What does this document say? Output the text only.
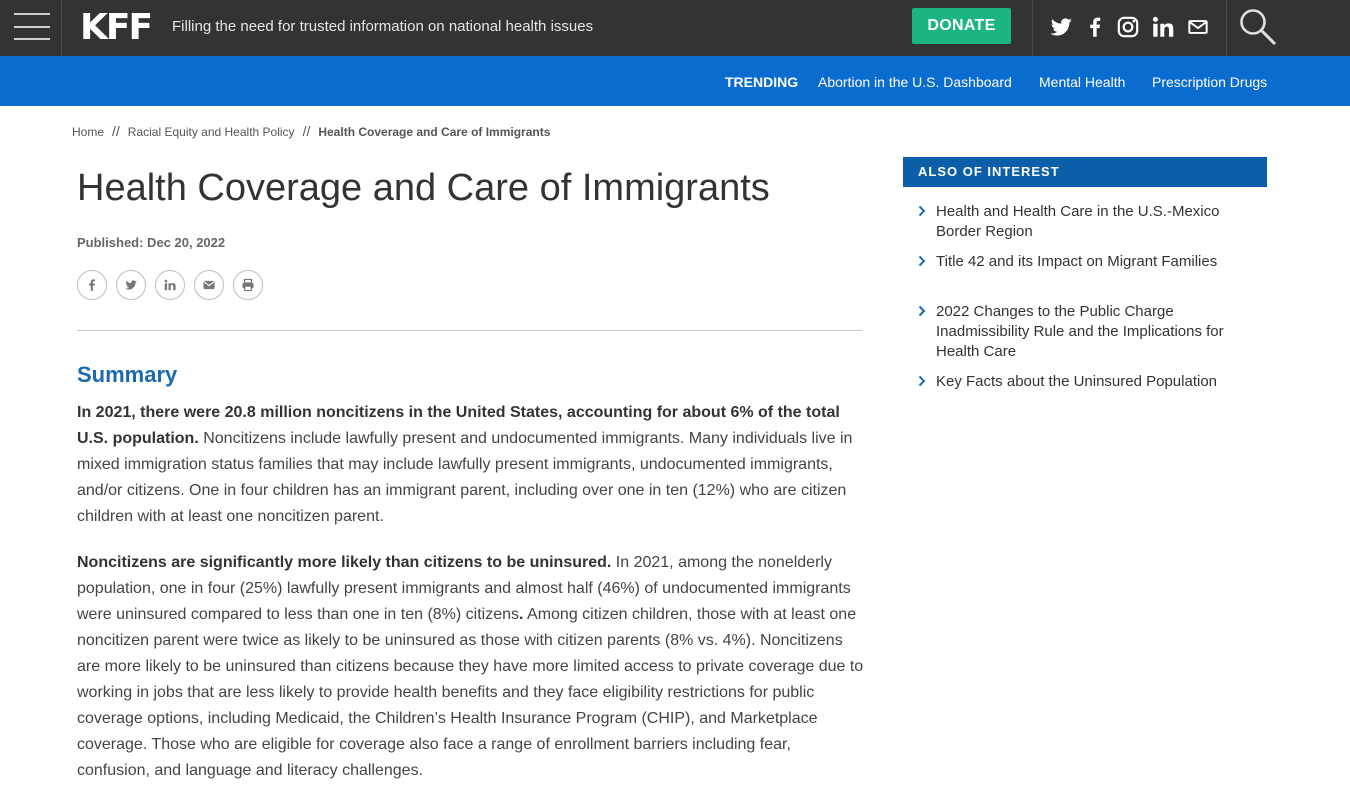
KFF Filling the need for trusted information on national health issues	DONATE
TRENDING Abortion in the U.S. Dashboard Mental Health Prescription Drugs
Home // Racial Equity and Health Policy // Health Coverage and Care of Immigrants
Health Coverage and Care of Immigrants
Published: Dec 20, 2022
Summary

In 2021, there were 20.8 million noncitizens in the United States, accounting for about 6% of the total U.S. population. Noncitizens include lawfully present and undocumented immigrants. Many individuals live in mixed immigration status families that may include lawfully present immigrants, undocumented immigrants, and/or citizens. One in four children has an immigrant parent, including over one in ten (12%) who are citizen children with at least one noncitizen parent.

Noncitizens are significantly more likely than citizens to be uninsured. In 2021, among the nonelderly population, one in four (25%) lawfully present immigrants and almost half (46%) of undocumented immigrants were uninsured compared to less than one in ten (8%) citizens. Among citizen children, those with at least one noncitizen parent were twice as likely to be uninsured as those with citizen parents (8% vs. 4%). Noncitizens are more likely to be uninsured than citizens because they have more limited access to private coverage due to working in jobs that are less likely to provide health benefits and they face eligibility restrictions for public coverage options, including Medicaid, the Children’s Health Insurance Program (CHIP), and Marketplace coverage. Those who are eligible for coverage also face a range of enrollment barriers including fear, confusion, and language and literacy challenges.

ALSO OF INTEREST
Health and Health Care in the U.S.-Mexico Border Region
Title 42 and its Impact on Migrant Families
2022 Changes to the Public Charge Inadmissibility Rule and the Implications for Health Care
Key Facts about the Uninsured Population
